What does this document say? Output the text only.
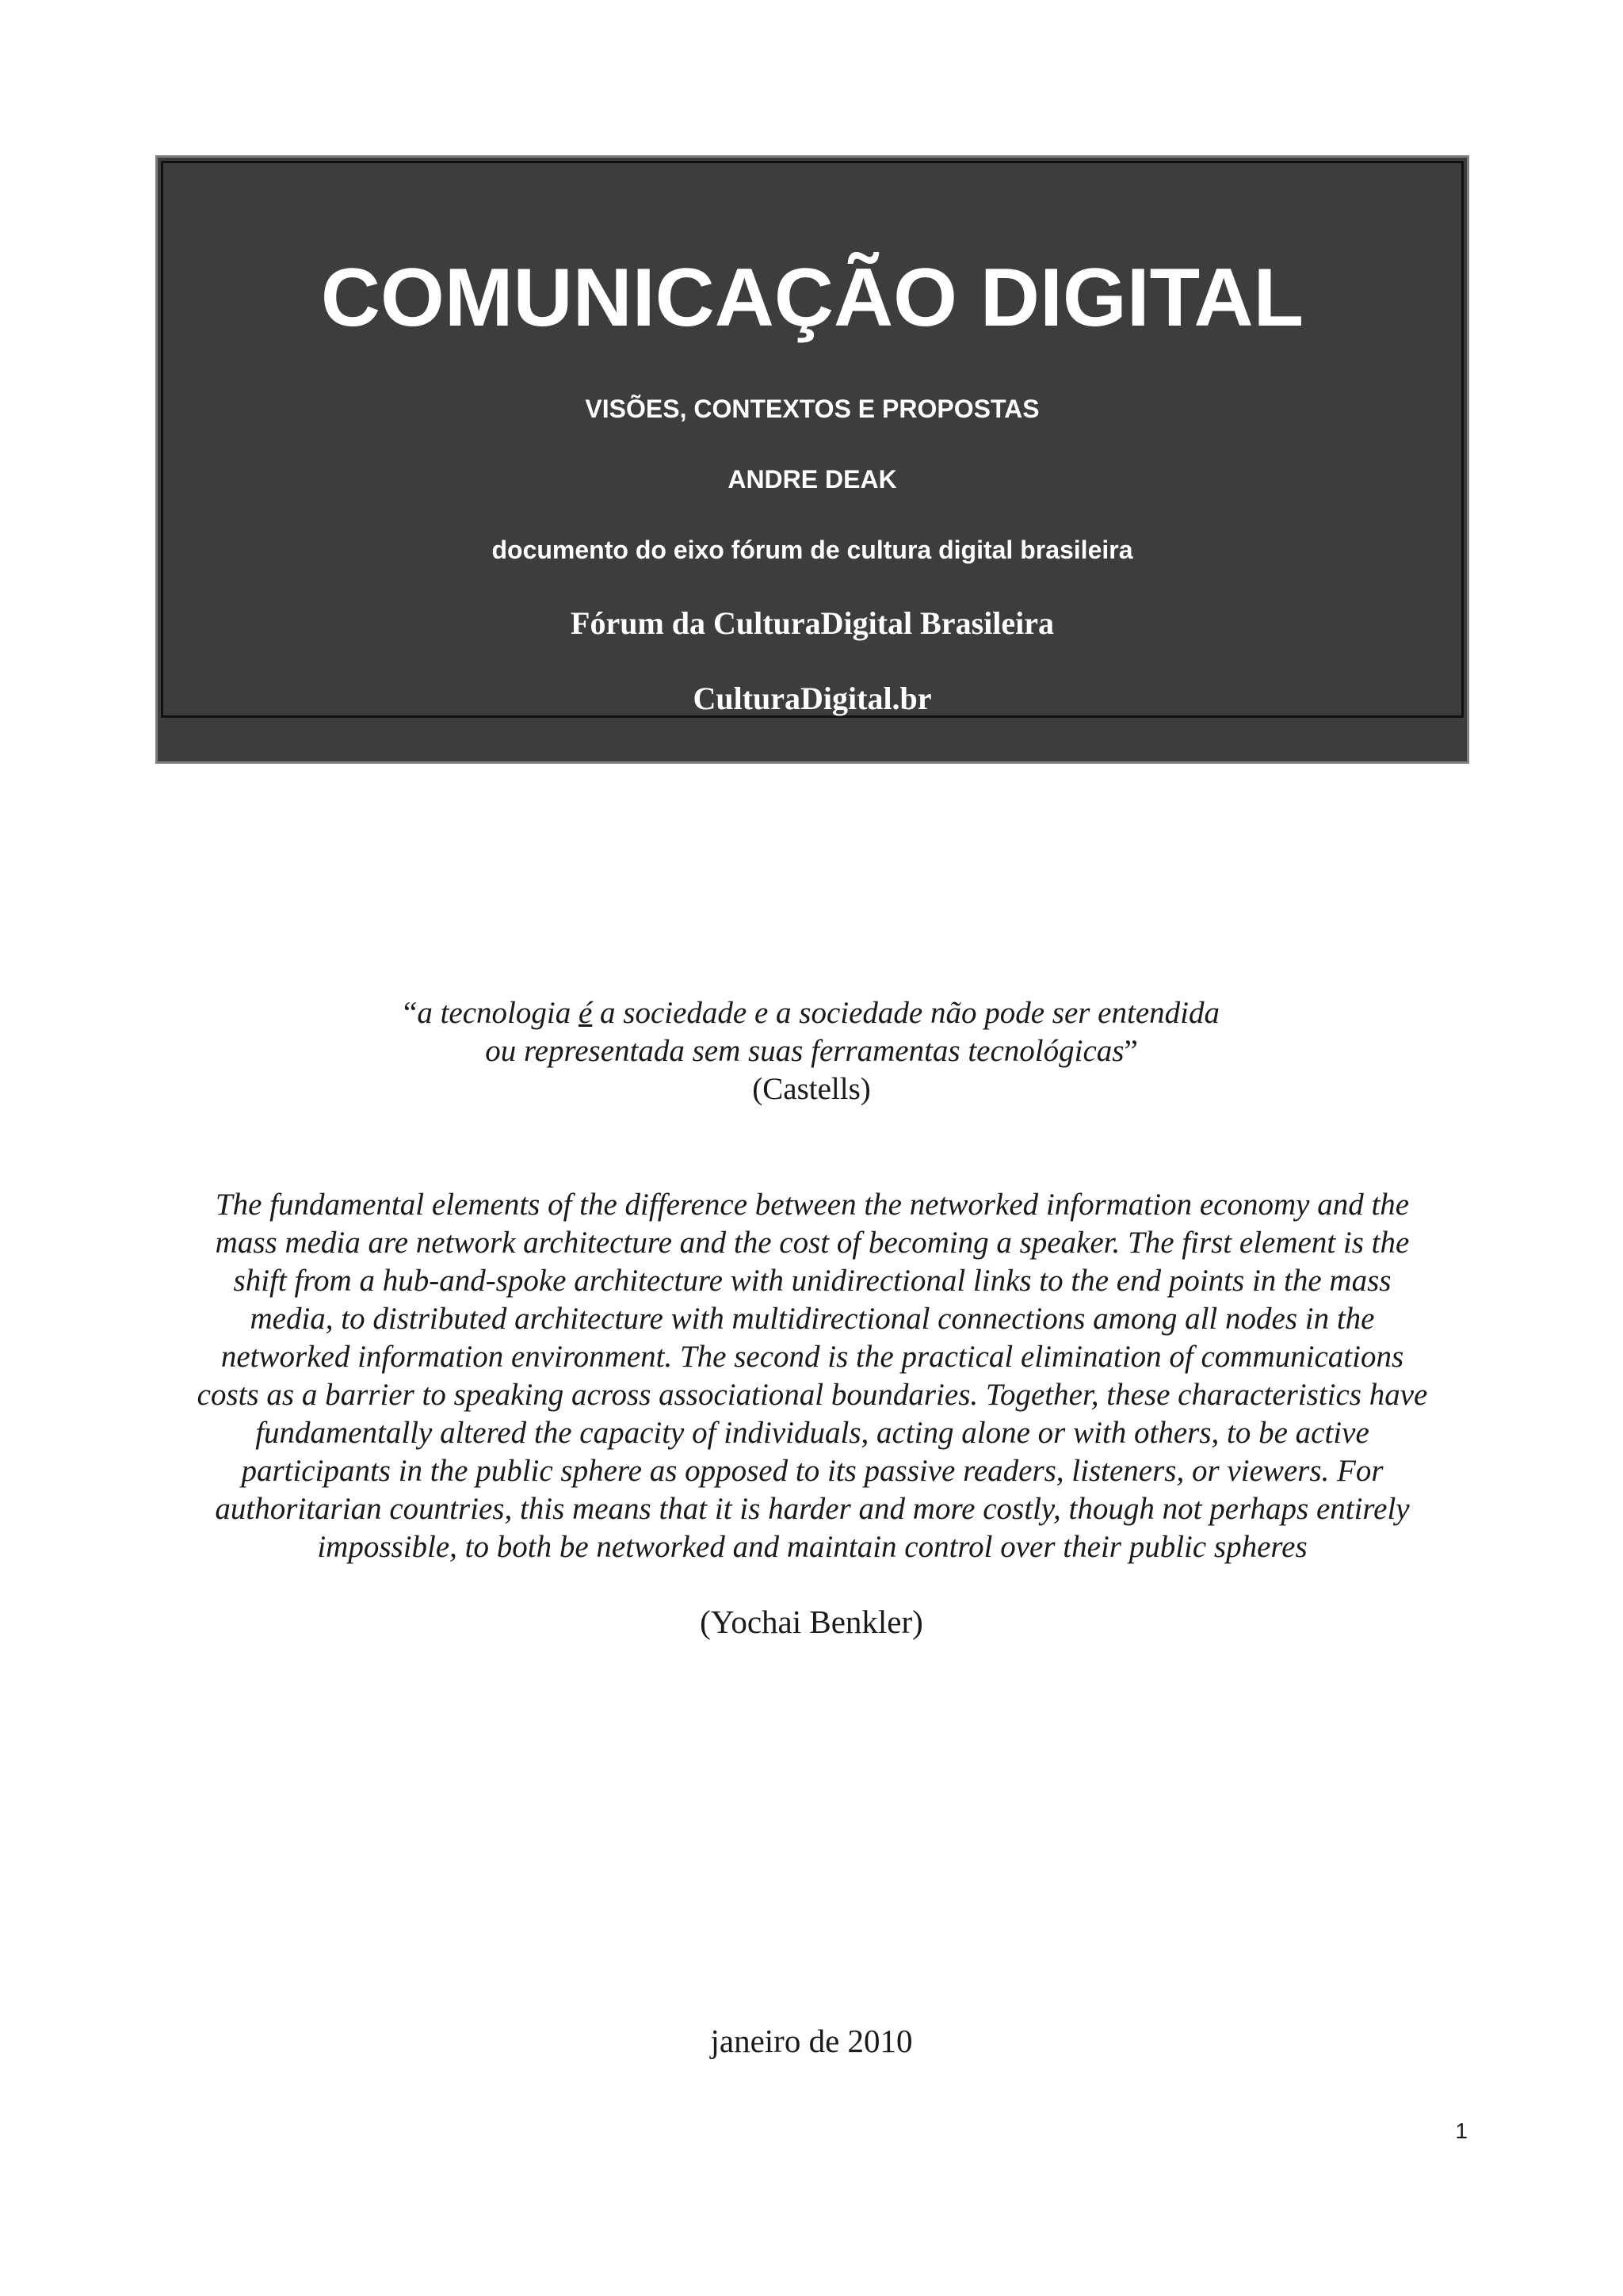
COMUNICAÇÃO DIGITAL
VISÕES, CONTEXTOS E PROPOSTAS
ANDRE DEAK
documento do eixo fórum de cultura digital brasileira
Fórum da CulturaDigital Brasileira
CulturaDigital.br
“a tecnologia é a sociedade e a sociedade não pode ser entendida
ou representada sem suas ferramentas tecnológicas”
(Castells)
The fundamental elements of the difference between the networked information economy and the
mass media are network architecture and the cost of becoming a speaker. The first element is the
shift from a hub-and-spoke architecture with unidirectional links to the end points in the mass
media, to distributed architecture with multidirectional connections among all nodes in the
networked information environment. The second is the practical elimination of communications
costs as a barrier to speaking across associational boundaries. Together, these characteristics have
fundamentally altered the capacity of individuals, acting alone or with others, to be active
participants in the public sphere as opposed to its passive readers, listeners, or viewers. For
authoritarian countries, this means that it is harder and more costly, though not perhaps entirely
impossible, to both be networked and maintain control over their public spheres
(Yochai Benkler)
janeiro de 2010
1
